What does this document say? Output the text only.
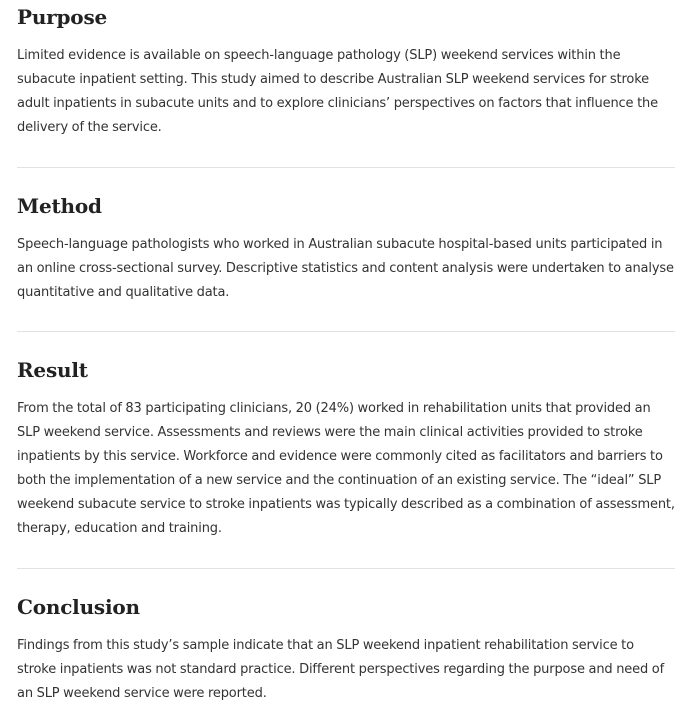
Purpose

Limited evidence is available on speech-language pathology (SLP) weekend services within the subacute inpatient setting. This study aimed to describe Australian SLP weekend services for stroke adult inpatients in subacute units and to explore clinicians’ perspectives on factors that influence the delivery of the service.

Method

Speech-language pathologists who worked in Australian subacute hospital-based units participated in an online cross-sectional survey. Descriptive statistics and content analysis were undertaken to analyse quantitative and qualitative data.

Result

From the total of 83 participating clinicians, 20 (24%) worked in rehabilitation units that provided an SLP weekend service. Assessments and reviews were the main clinical activities provided to stroke inpatients by this service. Workforce and evidence were commonly cited as facilitators and barriers to both the implementation of a new service and the continuation of an existing service. The “ideal” SLP weekend subacute service to stroke inpatients was typically described as a combination of assessment, therapy, education and training.

Conclusion

Findings from this study’s sample indicate that an SLP weekend inpatient rehabilitation service to stroke inpatients was not standard practice. Different perspectives regarding the purpose and need of an SLP weekend service were reported.
